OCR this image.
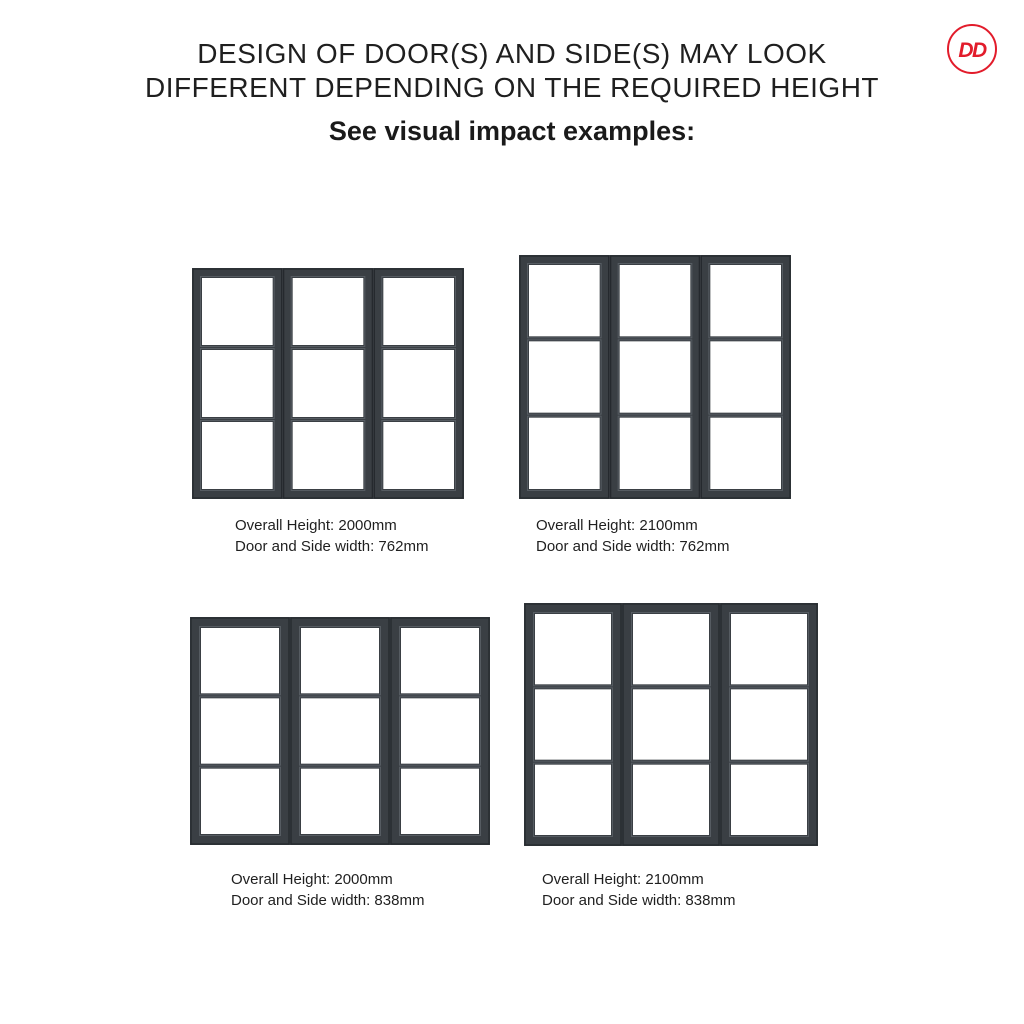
DESIGN OF DOOR(S) AND SIDE(S) MAY LOOK
DIFFERENT DEPENDING ON THE REQUIRED HEIGHT
See visual impact examples:
DD
Overall Height: 2000mm
Door and Side width: 762mm
Overall Height: 2100mm
Door and Side width: 762mm
Overall Height: 2000mm
Door and Side width: 838mm
Overall Height: 2100mm
Door and Side width: 838mm
